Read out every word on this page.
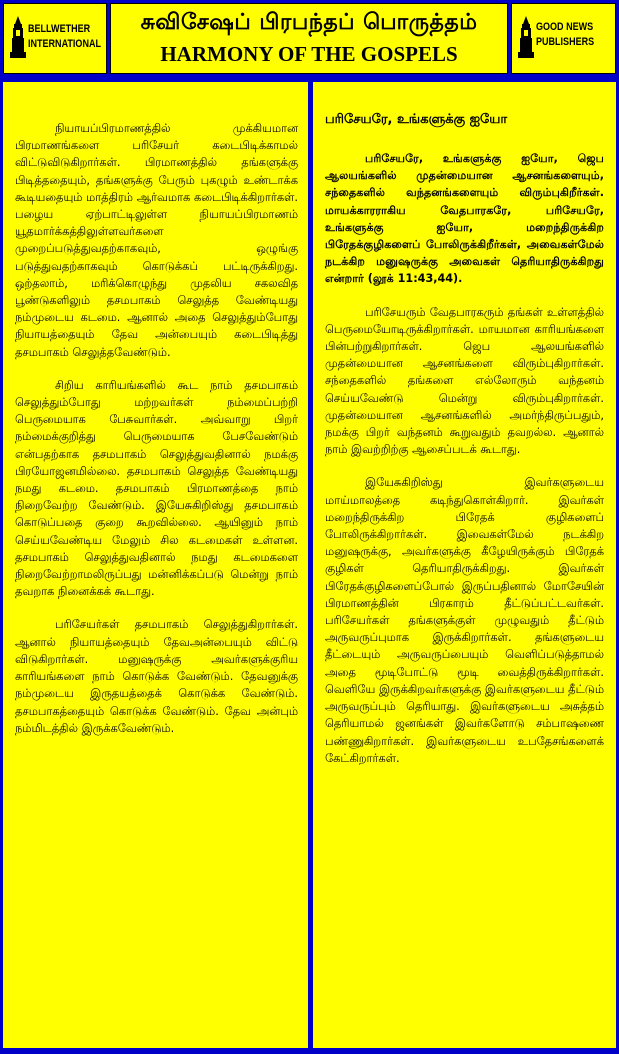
BELLWETHER
INTERNATIONAL
சுவிசேஷப் பிரபந்தப் பொருத்தம்
HARMONY OF THE GOSPELS
GOOD NEWS
PUBLISHERS

நியாயப்பிரமாணத்தில் முக்கியமான பிரமாணங்களை பரிசேயர் கடைபிடிக்காமல் விட்டுவிடுகிறார்கள். பிரமாணத்தில் தங்களுக்கு பிடித்ததையும், தங்களுக்கு பேரும் புகழும் உண்டாக்க கூடியதையும் மாத்திரம் ஆர்வமாக கடைபிடிக்கிறார்கள். பழைய ஏற்பாட்டிலுள்ள நியாயப்பிரமாணம் யூதமார்க்கத்திலுள்ளவர்களை முறைப்படுத்துவதற்காகவும், ஒழுங்கு படுத்துவதற்காகவும் கொடுக்கப் பட்டிருக்கிறது. ஒற்தலாம், மரிக்கொழுந்து முதலிய சகலவித பூண்டுகளிலும் தசமபாகம் செலுத்த வேண்டியது நம்முடைய கடமை. ஆனால் அதை செலுத்தும்போது நியாயத்தையும் தேவ அன்பையும் கடைபிடித்து தசமபாகம் செலுத்தவேண்டும்.

சிறிய காரியங்களில் கூட நாம் தசமபாகம் செலுத்தும்போது மற்றவர்கள் நம்மைப்பற்றி பெருமையாக பேசுவார்கள். அவ்வாறு பிறர் நம்மைக்குறித்து பெருமையாக பேசவேண்டும் என்பதற்காக தசமபாகம் செலுத்துவதினால் நமக்கு பிரயோஜனமில்லை. தசமபாகம் செலுத்த வேண்டியது நமது கடமை. தசமபாகம் பிரமாணத்தை நாம் நிறைவேற்ற வேண்டும். இயேசுகிறிஸ்து தசமபாகம் கொடுப்பதை குறை கூறவில்லை. ஆயினும் நாம் செய்யவேண்டிய மேலும் சில கடமைகள் உள்ளன. தசமபாகம் செலுத்துவதினால் நமது கடமைகளை நிறைவேற்றாமலிருப்பது மன்னிக்கப்படு மென்று நாம் தவறாக நினைக்கக் கூடாது.

பரிசேயர்கள் தசமபாகம் செலுத்துகிறார்கள். ஆனால் நியாயத்தையும் தேவஅன்பையும் விட்டு விடுகிறார்கள். மனுஷருக்கு அவர்களுக்குரிய காரியங்களை நாம் கொடுக்க வேண்டும். தேவனுக்கு நம்முடைய இருதயத்தைக் கொடுக்க வேண்டும். தசமபாகத்தையும் கொடுக்க வேண்டும். தேவ அன்பும் நம்மிடத்தில் இருக்கவேண்டும்.

பரிசேயரே, உங்களுக்கு ஐயோ

பரிசேயரே, உங்களுக்கு ஐயோ, ஜெப ஆலயங்களில் முதன்மையான ஆசனங்களையும், சந்தைகளில் வந்தனங்களையும் விரும்புகிறீர்கள். மாயக்காரராகிய வேதபாரகரே, பரிசேயரே, உங்களுக்கு ஐயோ, மறைந்திருக்கிற பிரேதக்குழிகளைப் போலிருக்கிறீர்கள், அவைகள்மேல் நடக்கிற மனுஷருக்கு அவைகள் தெரியாதிருக்கிறது என்றார் (லூக் 11:43,44).

பரிசேயரும் வேதபாரகரும் தங்கள் உள்ளத்தில் பெருமையோடிருக்கிறார்கள். மாயமான காரியங்களை பின்பற்றுகிறார்கள். ஜெப ஆலயங்களில் முதன்மையான ஆசனங்களை விரும்புகிறார்கள். சந்தைகளில் தங்களை எல்லோரும் வந்தனம் செய்யவேண்டு மென்று விரும்புகிறார்கள். முதன்மையான ஆசனங்களில் அமர்ந்திருப்பதும், நமக்கு பிறர் வந்தனம் கூறுவதும் தவறல்ல. ஆனால் நாம் இவற்றிற்கு ஆசைப்படக் கூடாது.

இயேசுகிறிஸ்து இவர்களுடைய மாய்மாலத்தை கடிந்துகொள்கிறார். இவர்கள் மறைந்திருக்கிற பிரேதக் குழிகளைப் போலிருக்கிறார்கள். இவைகள்மேல் நடக்கிற மனுஷருக்கு, அவர்களுக்கு கீழேயிருக்கும் பிரேதக் குழிகள் தெரியாதிருக்கிறது. இவர்கள் பிரேதக்குழிகளைப்போல் இருப்பதினால் மோசேயின் பிரமாணத்தின் பிரகாரம் தீட்டுப்பட்டவர்கள். பரிசேயர்கள் தங்களுக்குள் முழுவதும் தீட்டும் அருவருப்புமாக இருக்கிறார்கள். தங்களுடைய தீட்டையும் அருவருப்பையும் வெளிப்படுத்தாமல் அதை மூடிபோட்டு மூடி வைத்திருக்கிறார்கள். வெளியே இருக்கிறவர்களுக்கு இவர்களுடைய தீட்டும் அருவருப்பும் தெரியாது. இவர்களுடைய அசுத்தம் தெரியாமல் ஜனங்கள் இவர்களோடு சம்பாஷணை பண்ணுகிறார்கள். இவர்களுடைய உபதேசங்களைக் கேட்கிறார்கள்.
